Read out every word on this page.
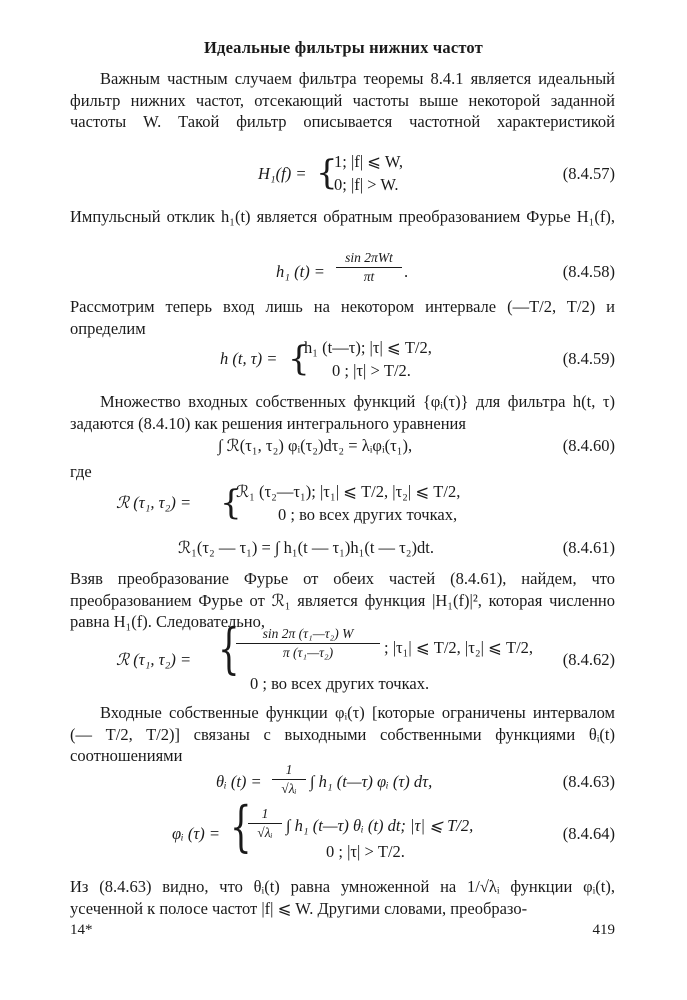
Идеальные фильтры нижних частот

Важным частным случаем фильтра теоремы 8.4.1 является идеальный фильтр нижних частот, отсекающий частоты выше некоторой заданной частоты W. Такой фильтр описывается частотной характеристикой

H₁(f) = {
1; |f| ⩽ W,
0; |f| > W.
(8.4.57)

Импульсный отклик h₁(t) является обратным преобразованием Фурье H₁(f),

h₁ (t) =
sin 2πWt
πt	.	(8.4.58)

Рассмотрим теперь вход лишь на некотором интервале (—T/2, T/2) и определим

h (t, τ) = {
h₁ (t—τ); |τ| ⩽ T/2,
0 ; |τ| > T/2.
(8.4.59)

Множество входных собственных функций {φᵢ(τ)} для фильтра h(t, τ) задаются (8.4.10) как решения интегрального уравнения

∫ ℛ(τ₁, τ₂) φᵢ(τ₂)dτ₂ = λᵢφᵢ(τ₁),	(8.4.60)
где
ℛ (τ₁, τ₂) = {
ℛ₁ (τ₂—τ₁); |τ₁| ⩽ T/2, |τ₂| ⩽ T/2,
0 ; во всех других точках,
ℛ₁(τ₂ — τ₁) = ∫ h₁(t — τ₁)h₁(t — τ₂)dt.	(8.4.61)

Взяв преобразование Фурье от обеих частей (8.4.61), найдем, что преобразованием Фурье от ℛ₁ является функция |H₁(f)|², которая численно равна H₁(f). Следовательно,

ℛ (τ₁, τ₂) = {	sin 2π (τ₁—τ₂) W
π (τ₁—τ₂)	; |τ₁| ⩽ T/2, |τ₂| ⩽ T/2,
0 ; во всех других точках.
(8.4.62)

Входные собственные функции φᵢ(τ) [которые ограничены интервалом (— T/2, T/2)] связаны с выходными собственными функциями θᵢ(t) соотношениями

θᵢ (t) =
1
√λᵢ ∫ h₁ (t—τ) φᵢ (τ) dτ,	(8.4.63)
φᵢ (τ) = { 1
√λᵢ ∫ h₁ (t—τ) θᵢ (t) dt; |τ| ⩽ T/2,
0 ; |τ| > T/2.
(8.4.64)

Из (8.4.63) видно, что θᵢ(t) равна умноженной на 1/√λᵢ функции φᵢ(t), усеченной к полосе частот |f| ⩽ W. Другими словами, преобразо-

14*	419
